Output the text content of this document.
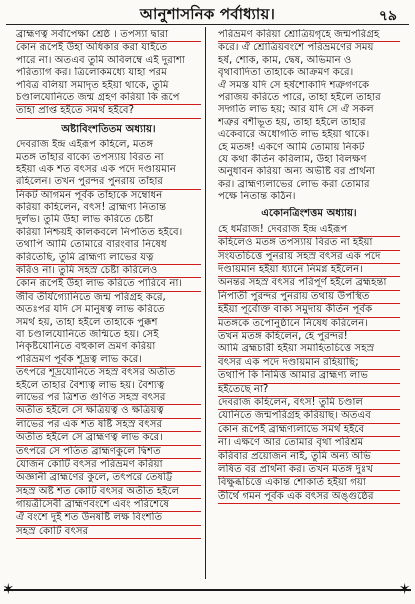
আনুশাসনিক পর্বাধ্যায়।	৭৯
ব্রাহ্মণত্ব সর্বাপেক্ষা শ্রেষ্ঠ । তপস্যা দ্বারা
কোন রূপেই উহা অধিকার করা যাইতে
পারে না। অতএব তুমি অবিলম্বে এই দুরাশা
পরিত্যাগ কর। ত্রিলোকমধ্যে যাহা পরম
পবিত্র বলিয়া সমাদৃত হইয়া থাকে, তুমি
চণ্ডালযোনিতে জন্ম গ্রহণ করিয়া কি রূপে
তাহা প্রাপ্ত হইতে সমর্থ হইবে?
অষ্টাবিংশতিতম অধ্যায়।
দেবরাজ ইন্দ্র এইরূপ কহিলে, মতঙ্গ
মতঙ্গ তাঁহার বাক্যে তপস্যায় বিরত না
হইয়া এক শত বৎসর এক পদে দণ্ডায়মান
রহিলেন। তখন পুরন্দর পুনরায় তাঁহার
নিকট আগমন পূর্বক তাঁহাকে সম্বোধন
করিয়া কহিলেন, বৎস! ব্রাহ্মণ্য নিতান্ত
দুর্লভ। তুমি উহা লাভ করিতে চেষ্টা
করিয়া নিশ্চয়ই কালকবলে নিপতিত হইবে।
তথাপি আমি তোমারে বারংবার নিষেধ
করিতেছি, তুমি ব্রাহ্মণ্য লাভের যত্ন
করিও না। তুমি সহস্র চেষ্টা করিলেও
কোন রূপেই উহা লাভ করিতে পারিবে না।
জীব তীর্যগ্যোনিতে জন্ম পরিগ্রহ করে,
অতঃপর যদি সে মানুষত্ব লাভ করিতে
সমর্থ হয়, তাহা হইলে তাহাকে পুক্কশ
বা চণ্ডালযোনিতে জন্মিতে হয়। সেই
নিকৃষ্টযোনিতে বহুকাল ভ্রমণ করিয়া
পরিভ্রমণ পূর্বক শূদ্রত্ব লাভ করে।
তৎপরে শূদ্রযোনিতে সহস্র বৎসর অতীত
হইলে তাহার বৈশ্যত্ব লাভ হয়। বৈশ্যত্ব
লাভের পর ত্রিশত গুণিত সহস্র বৎসর
অতীত হইলে সে ক্ষত্রিয়ত্ব ও ক্ষত্রিয়ত্ব
লাভের পর এক শত ষষ্টি সহস্র বৎসর
অতীত হইলে সে ব্রাহ্মণত্ব লাভ করে।
তৎপরে সে পতিত ব্রাহ্মণকুলে দ্বিশত
যোজন কোটি বৎসর পরিভ্রমণ করিয়া
অজ্ঞানী ব্রাহ্মণের কুলে, তৎপরে তেষট্টি
সহস্র অষ্ট শত কোটি বৎসর অতীত হইলে
গায়ত্রীসেবী ব্রাহ্মণবংশে এবং পরিশেষে
ঐ বংশে দুই শত উনষষ্টি লক্ষ বিংশতি
সহস্র কোটি বৎসর
পরিভ্রমণ করিয়া শ্রোত্রিয়গৃহে জন্মপরিগ্রহ
করে। ঐ শ্রোত্রিয়বংশে পরিভ্রমণের সময়
হর্ষ, শোক, কাম, দ্বেষ, অভিমান ও
বৃথাবাদিতা তাহাকে আক্রমণ করে।
ঐ সমস্ত যদি সে হর্ষশোকাদি শত্রুগণকে
পরাজয় করিতে পারে, তাহা হইলে তাহার
সদ্গতি লাভ হয়; আর যদি সে ঐ সকল
শত্রুর বশীভূত হয়, তাহা হইলে তাহার
একেবারে অধোগতি লাভ হইয়া থাকে।
হে মতঙ্গ! একণে আমি তোমায় নিকট
যে কথা কীর্তন করিলাম, উহা বিলক্ষণ
অনুধাবন করিয়া অন্য অভীষ্ট বর প্রার্থনা
কর। ব্রাহ্মণ্যলাভের লোভ করা তোমার
পক্ষে নিতান্ত কঠিন।
একোনত্রিংশত্তম অধ্যায়।
হে ধর্মরাজ! দেবরাজ ইন্দ্র এইরূপ
কহিলেও মতঙ্গ তপস্যায় বিরত না হইয়া
সংযতচিত্তে পুনরায় সহস্র বৎসর এক পদে
দণ্ডায়মান হইয়া ধ্যানে নিমগ্ন হইলেন।
অনন্তর সহস্র বৎসর পরিপূর্ণ হইলে ব্রহ্মহন্তা
নিপাতী পুরন্দর পুনরায় তথায় উপস্থিত
হইয়া পূর্বোক্ত বাক্য সমুদায় কীর্তন পূর্বক
মতঙ্গকে তপোনুষ্ঠানে নিষেধ করিলেন।
তখন মতঙ্গ কহিলেন, হে পুরন্দর!
আমি ব্রহ্মচারী হইয়া সমাহিতচিত্তে সহস্র
বৎসর এক পদে দণ্ডায়মান রহিয়াছি;
তথাপি কি নিমিত্ত আমার ব্রাহ্মণ্য লাভ
হইতেছে না?
দেবরাজ কহিলেন, বৎস! তুমি চণ্ডাল
যোনিতে জন্মপরিগ্রহ করিয়াছ। অতএব
কোন রূপেই ব্রাহ্মণ্যলাভে সমর্থ হইবে
না। এক্ষণে আর তোমার বৃথা পরিশ্রম
করিবার প্রয়োজন নাই, তুমি অন্য অভি
লষিত বর প্রার্থনা কর। তখন মতঙ্গ দুঃখ
বিক্ষুব্ধচিত্তে একান্ত শোকার্ত হইয়া গয়া
তীর্থে গমন পূর্বক এক বৎসর অঙ্গুষ্ঠের
✶	✶
